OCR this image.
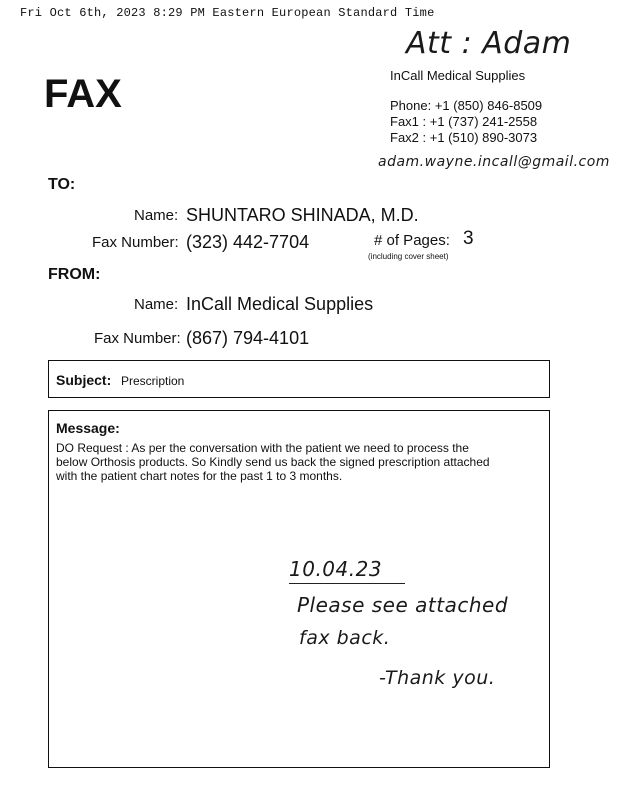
Fri Oct 6th, 2023 8:29 PM Eastern European Standard Time
Att : Adam
FAX	InCall Medical Supplies
Phone: +1 (850) 846-8509
Fax1 : +1 (737) 241-2558
Fax2 : +1 (510) 890-3073
adam.wayne.incall@gmail.com
TO:
Name: SHUNTARO SHINADA, M.D.
Fax Number: (323) 442-7704	# of Pages: 3
(including cover sheet)
FROM:
Name: InCall Medical Supplies
Fax Number: (867) 794-4101
Subject: Prescription
Message:
DO Request : As per the conversation with the patient we need to process the
below Orthosis products. So Kindly send us back the signed prescription attached
with the patient chart notes for the past 1 to 3 months.
10.04.23
Please see attached
fax back.
-Thank you.
